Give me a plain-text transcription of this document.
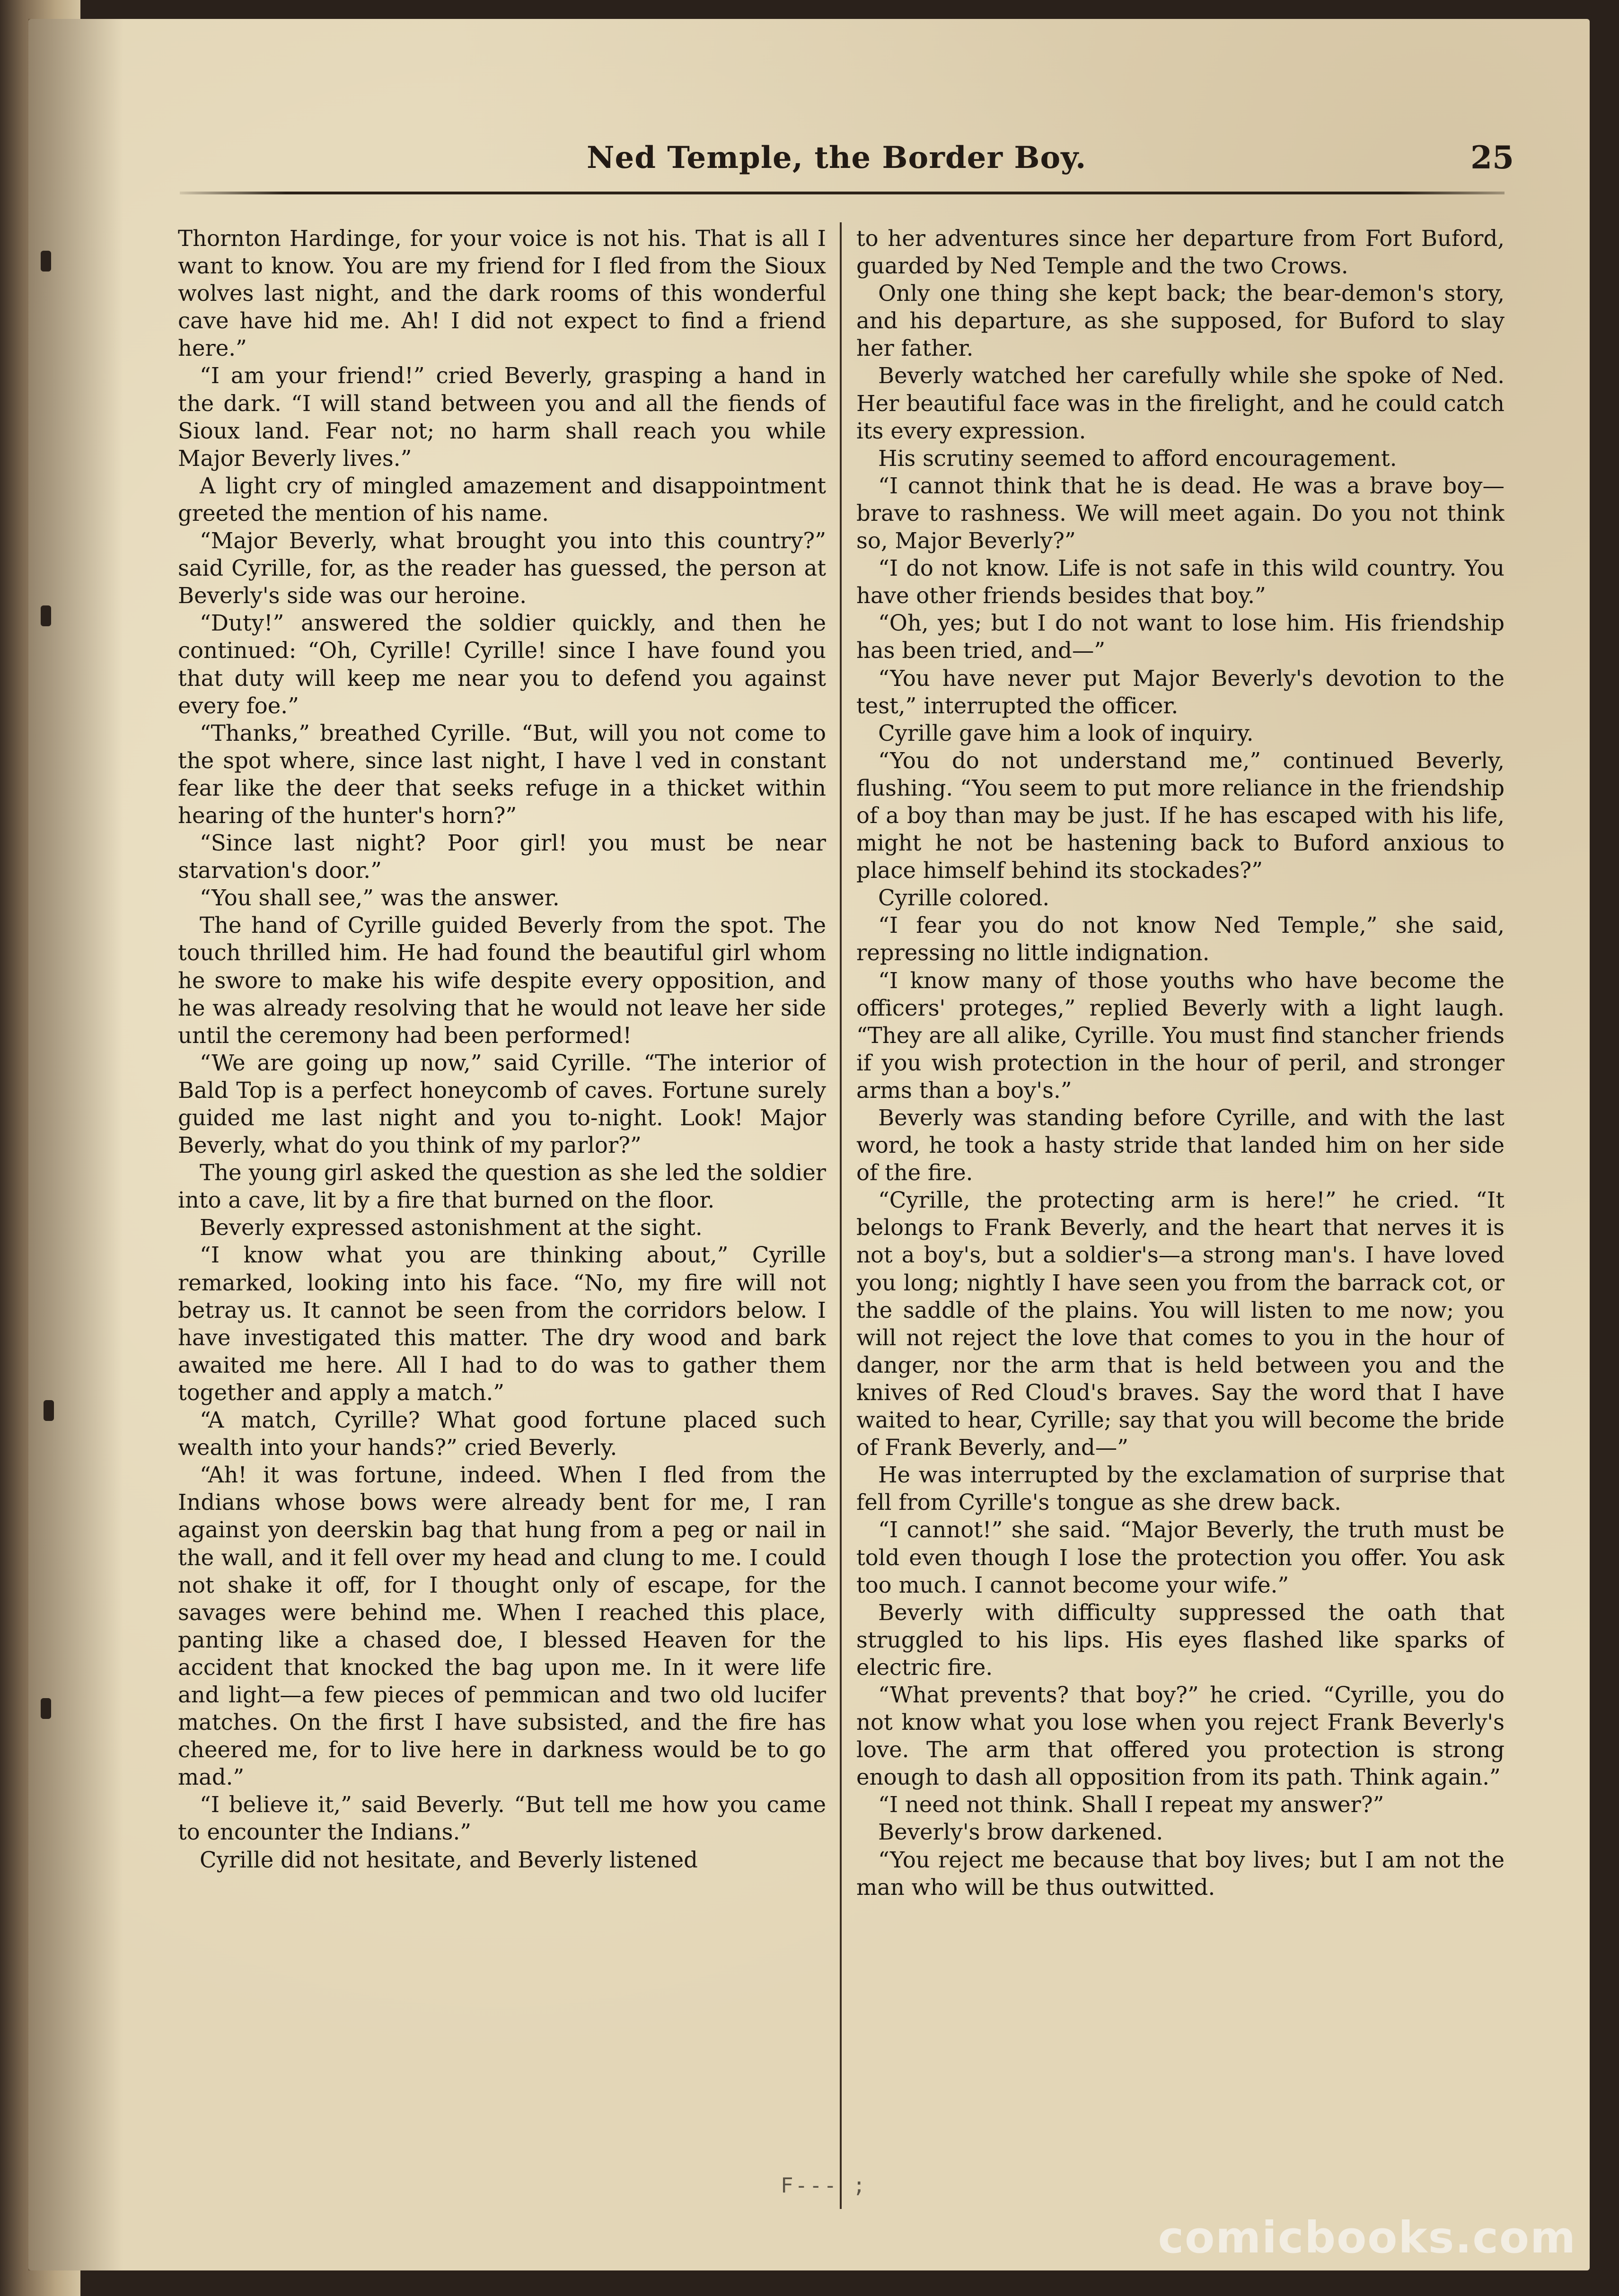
Ned Temple, the Border Boy.	25

Thornton Hardinge, for your voice is not his. That is all I want to know. You are my friend for I fled from the Sioux wolves last night, and the dark rooms of this wonderful cave have hid me. Ah! I did not expect to find a friend here.”

“I am your friend!” cried Beverly, grasping a hand in the dark. “I will stand between you and all the fiends of Sioux land. Fear not; no harm shall reach you while Major Beverly lives.”

A light cry of mingled amazement and disappointment greeted the mention of his name.

“Major Beverly, what brought you into this country?” said Cyrille, for, as the reader has guessed, the person at Beverly's side was our heroine.

“Duty!” answered the soldier quickly, and then he continued: “Oh, Cyrille! Cyrille! since I have found you that duty will keep me near you to defend you against every foe.”

“Thanks,” breathed Cyrille. “But, will you not come to the spot where, since last night, I have l ved in constant fear like the deer that seeks refuge in a thicket within hearing of the hunter's horn?”

“Since last night? Poor girl! you must be near starvation's door.”

“You shall see,” was the answer.

The hand of Cyrille guided Beverly from the spot. The touch thrilled him. He had found the beautiful girl whom he swore to make his wife despite every opposition, and he was already resolving that he would not leave her side until the ceremony had been performed!

“We are going up now,” said Cyrille. “The interior of Bald Top is a perfect honeycomb of caves. Fortune surely guided me last night and you to-night. Look! Major Beverly, what do you think of my parlor?”

The young girl asked the question as she led the soldier into a cave, lit by a fire that burned on the floor.

Beverly expressed astonishment at the sight.

“I know what you are thinking about,” Cyrille remarked, looking into his face. “No, my fire will not betray us. It cannot be seen from the corridors below. I have investigated this matter. The dry wood and bark awaited me here. All I had to do was to gather them together and apply a match.”

“A match, Cyrille? What good fortune placed such wealth into your hands?” cried Beverly.

“Ah! it was fortune, indeed. When I fled from the Indians whose bows were already bent for me, I ran against yon deerskin bag that hung from a peg or nail in the wall, and it fell over my head and clung to me. I could not shake it off, for I thought only of escape, for the savages were behind me. When I reached this place, panting like a chased doe, I blessed Heaven for the accident that knocked the bag upon me. In it were life and light—a few pieces of pemmican and two old lucifer matches. On the first I have subsisted, and the fire has cheered me, for to live here in darkness would be to go mad.”

“I believe it,” said Beverly. “But tell me how you came to encounter the Indians.”

Cyrille did not hesitate, and Beverly listened

to her adventures since her departure from Fort Buford, guarded by Ned Temple and the two Crows.

Only one thing she kept back; the bear-demon's story, and his departure, as she supposed, for Buford to slay her father.

Beverly watched her carefully while she spoke of Ned. Her beautiful face was in the firelight, and he could catch its every expression.

His scrutiny seemed to afford encouragement.

“I cannot think that he is dead. He was a brave boy—brave to rashness. We will meet again. Do you not think so, Major Beverly?”

“I do not know. Life is not safe in this wild country. You have other friends besides that boy.”

“Oh, yes; but I do not want to lose him. His friendship has been tried, and—”

“You have never put Major Beverly's devotion to the test,” interrupted the officer.

Cyrille gave him a look of inquiry.

“You do not understand me,” continued Beverly, flushing. “You seem to put more reliance in the friendship of a boy than may be just. If he has escaped with his life, might he not be hastening back to Buford anxious to place himself behind its stockades?”

Cyrille colored.

“I fear you do not know Ned Temple,” she said, repressing no little indignation.

“I know many of those youths who have become the officers' proteges,” replied Beverly with a light laugh. “They are all alike, Cyrille. You must find stancher friends if you wish protection in the hour of peril, and stronger arms than a boy's.”

Beverly was standing before Cyrille, and with the last word, he took a hasty stride that landed him on her side of the fire.

“Cyrille, the protecting arm is here!” he cried. “It belongs to Frank Beverly, and the heart that nerves it is not a boy's, but a soldier's—a strong man's. I have loved you long; nightly I have seen you from the barrack cot, or the saddle of the plains. You will listen to me now; you will not reject the love that comes to you in the hour of danger, nor the arm that is held between you and the knives of Red Cloud's braves. Say the word that I have waited to hear, Cyrille; say that you will become the bride of Frank Beverly, and—”

He was interrupted by the exclamation of surprise that fell from Cyrille's tongue as she drew back.

“I cannot!” she said. “Major Beverly, the truth must be told even though I lose the protection you offer. You ask too much. I cannot become your wife.”

Beverly with difficulty suppressed the oath that struggled to his lips. His eyes flashed like sparks of electric fire.

“What prevents? that boy?” he cried. “Cyrille, you do not know what you lose when you reject Frank Beverly's love. The arm that offered you protection is strong enough to dash all opposition from its path. Think again.”

“I need not think. Shall I repeat my answer?”

Beverly's brow darkened.

“You reject me because that boy lives; but I am not the man who will be thus outwitted.

F--- ;
comicbooks.com
